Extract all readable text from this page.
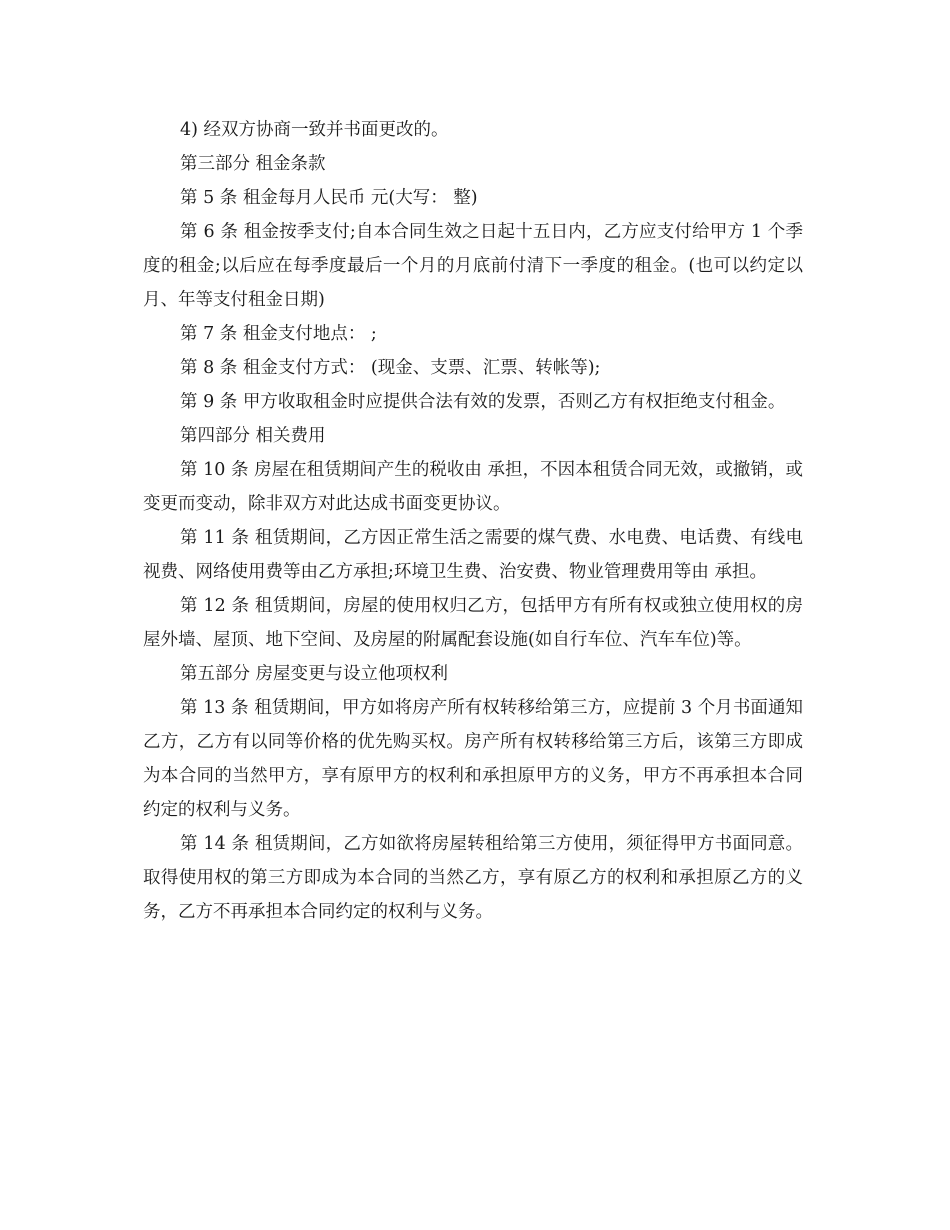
4) 经双方协商一致并书面更改的。

第三部分 租金条款

第 5 条 租金每月人民币 元(大写： 整)

第 6 条 租金按季支付;自本合同生效之日起十五日内，乙方应支付给甲方 1 个季度的租金;以后应在每季度最后一个月的月底前付清下一季度的租金。(也可以约定以月、年等支付租金日期)

第 7 条 租金支付地点： ;

第 8 条 租金支付方式： (现金、支票、汇票、转帐等);

第 9 条 甲方收取租金时应提供合法有效的发票，否则乙方有权拒绝支付租金。

第四部分 相关费用

第 10 条 房屋在租赁期间产生的税收由 承担，不因本租赁合同无效，或撤销，或变更而变动，除非双方对此达成书面变更协议。

第 11 条 租赁期间，乙方因正常生活之需要的煤气费、水电费、电话费、有线电视费、网络使用费等由乙方承担;环境卫生费、治安费、物业管理费用等由 承担。

第 12 条 租赁期间，房屋的使用权归乙方，包括甲方有所有权或独立使用权的房屋外墙、屋顶、地下空间、及房屋的附属配套设施(如自行车位、汽车车位)等。

第五部分 房屋变更与设立他项权利

第 13 条 租赁期间，甲方如将房产所有权转移给第三方，应提前 3 个月书面通知乙方，乙方有以同等价格的优先购买权。房产所有权转移给第三方后，该第三方即成为本合同的当然甲方，享有原甲方的权利和承担原甲方的义务，甲方不再承担本合同约定的权利与义务。

第 14 条 租赁期间，乙方如欲将房屋转租给第三方使用，须征得甲方书面同意。取得使用权的第三方即成为本合同的当然乙方，享有原乙方的权利和承担原乙方的义务，乙方不再承担本合同约定的权利与义务。
